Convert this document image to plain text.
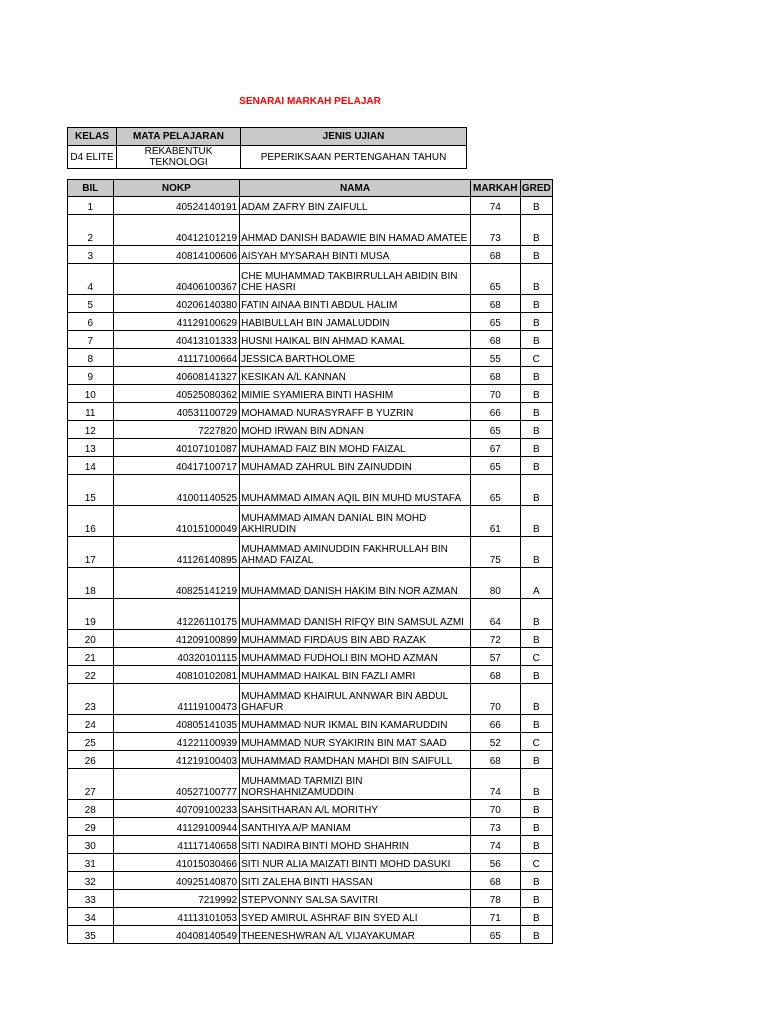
SENARAI MARKAH PELAJAR
KELAS	MATA PELAJARAN	JENIS UJIAN
D4 ELITE	REKABENTUK TEKNOLOGI	PEPERIKSAAN PERTENGAHAN TAHUN
BIL	NOKP	NAMA	MARKAH	GRED
1	40524140191	ADAM ZAFRY BIN ZAIFULL	74	B
2	40412101219	AHMAD DANISH BADAWIE BIN HAMAD AMATEE	73	B
3	40814100606	AISYAH MYSARAH BINTI MUSA	68	B
4	40406100367	CHE MUHAMMAD TAKBIRRULLAH ABIDIN BIN CHE HASRI	65	B
5	40206140380	FATIN AINAA BINTI ABDUL HALIM	68	B
6	41129100629	HABIBULLAH BIN JAMALUDDIN	65	B
7	40413101333	HUSNI HAIKAL BIN AHMAD KAMAL	68	B
8	41117100664	JESSICA BARTHOLOME	55	C
9	40608141327	KESIKAN A/L KANNAN	68	B
10	40525080362	MIMIE SYAMIERA BINTI HASHIM	70	B
11	40531100729	MOHAMAD NURASYRAFF B YUZRIN	66	B
12	7227820	MOHD IRWAN BIN ADNAN	65	B
13	40107101087	MUHAMAD FAIZ BIN MOHD FAIZAL	67	B
14	40417100717	MUHAMAD ZAHRUL BIN ZAINUDDIN	65	B
15	41001140525	MUHAMMAD AIMAN AQIL BIN MUHD MUSTAFA	65	B
16	41015100049	MUHAMMAD AIMAN DANIAL BIN MOHD AKHIRUDIN	61	B
17	41126140895	MUHAMMAD AMINUDDIN FAKHRULLAH BIN AHMAD FAIZAL	75	B
18	40825141219	MUHAMMAD DANISH HAKIM BIN NOR AZMAN	80	A
19	41226110175	MUHAMMAD DANISH RIFQY BIN SAMSUL AZMI	64	B
20	41209100899	MUHAMMAD FIRDAUS BIN ABD RAZAK	72	B
21	40320101115	MUHAMMAD FUDHOLI BIN MOHD AZMAN	57	C
22	40810102081	MUHAMMAD HAIKAL BIN FAZLI AMRI	68	B
23	41119100473	MUHAMMAD KHAIRUL ANNWAR BIN ABDUL GHAFUR	70	B
24	40805141035	MUHAMMAD NUR IKMAL BIN KAMARUDDIN	66	B
25	41221100939	MUHAMMAD NUR SYAKIRIN BIN MAT SAAD	52	C
26	41219100403	MUHAMMAD RAMDHAN MAHDI BIN SAIFULL	68	B
27	40527100777	MUHAMMAD TARMIZI BIN NORSHAHNIZAMUDDIN	74	B
28	40709100233	SAHSITHARAN A/L MORITHY	70	B
29	41129100944	SANTHIYA A/P MANIAM	73	B
30	41117140658	SITI NADIRA BINTI MOHD SHAHRIN	74	B
31	41015030466	SITI NUR ALIA MAIZATI BINTI MOHD DASUKI	56	C
32	40925140870	SITI ZALEHA BINTI HASSAN	68	B
33	7219992	STEPVONNY SALSA SAVITRI	78	B
34	41113101053	SYED AMIRUL ASHRAF BIN SYED ALI	71	B
35	40408140549	THEENESHWRAN A/L VIJAYAKUMAR	65	B
